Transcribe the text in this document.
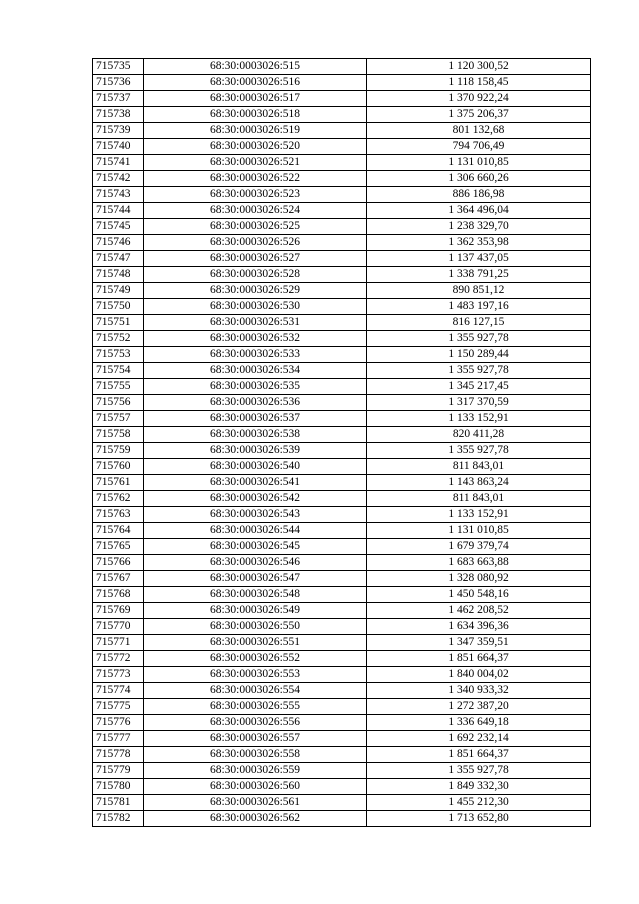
715735	68:30:0003026:515	1 120 300,52
715736	68:30:0003026:516	1 118 158,45
715737	68:30:0003026:517	1 370 922,24
715738	68:30:0003026:518	1 375 206,37
715739	68:30:0003026:519	801 132,68
715740	68:30:0003026:520	794 706,49
715741	68:30:0003026:521	1 131 010,85
715742	68:30:0003026:522	1 306 660,26
715743	68:30:0003026:523	886 186,98
715744	68:30:0003026:524	1 364 496,04
715745	68:30:0003026:525	1 238 329,70
715746	68:30:0003026:526	1 362 353,98
715747	68:30:0003026:527	1 137 437,05
715748	68:30:0003026:528	1 338 791,25
715749	68:30:0003026:529	890 851,12
715750	68:30:0003026:530	1 483 197,16
715751	68:30:0003026:531	816 127,15
715752	68:30:0003026:532	1 355 927,78
715753	68:30:0003026:533	1 150 289,44
715754	68:30:0003026:534	1 355 927,78
715755	68:30:0003026:535	1 345 217,45
715756	68:30:0003026:536	1 317 370,59
715757	68:30:0003026:537	1 133 152,91
715758	68:30:0003026:538	820 411,28
715759	68:30:0003026:539	1 355 927,78
715760	68:30:0003026:540	811 843,01
715761	68:30:0003026:541	1 143 863,24
715762	68:30:0003026:542	811 843,01
715763	68:30:0003026:543	1 133 152,91
715764	68:30:0003026:544	1 131 010,85
715765	68:30:0003026:545	1 679 379,74
715766	68:30:0003026:546	1 683 663,88
715767	68:30:0003026:547	1 328 080,92
715768	68:30:0003026:548	1 450 548,16
715769	68:30:0003026:549	1 462 208,52
715770	68:30:0003026:550	1 634 396,36
715771	68:30:0003026:551	1 347 359,51
715772	68:30:0003026:552	1 851 664,37
715773	68:30:0003026:553	1 840 004,02
715774	68:30:0003026:554	1 340 933,32
715775	68:30:0003026:555	1 272 387,20
715776	68:30:0003026:556	1 336 649,18
715777	68:30:0003026:557	1 692 232,14
715778	68:30:0003026:558	1 851 664,37
715779	68:30:0003026:559	1 355 927,78
715780	68:30:0003026:560	1 849 332,30
715781	68:30:0003026:561	1 455 212,30
715782	68:30:0003026:562	1 713 652,80
